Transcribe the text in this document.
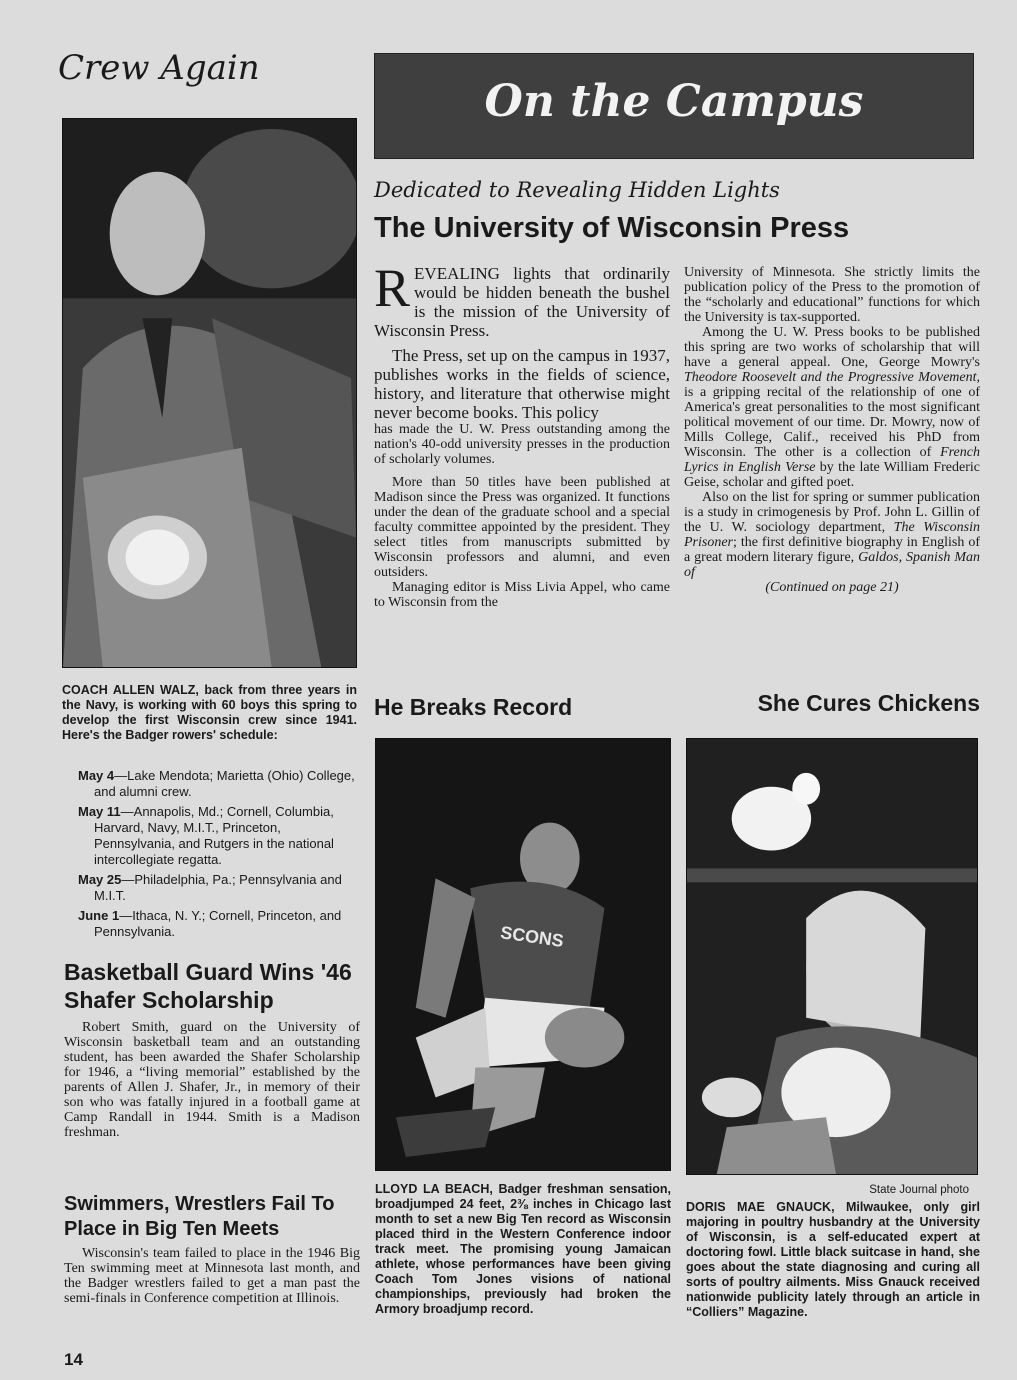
Crew Again
COACH ALLEN WALZ, back from three years in the Navy, is working with 60 boys this spring to develop the first Wisconsin crew since 1941. Here's the Badger rowers' schedule:

May 4—Lake Mendota; Marietta (Ohio) College, and alumni crew.

May 11—Annapolis, Md.; Cornell, Columbia, Harvard, Navy, M.I.T., Princeton, Pennsylvania, and Rutgers in the national intercollegiate regatta.

May 25—Philadelphia, Pa.; Pennsylvania and M.I.T.

June 1—Ithaca, N. Y.; Cornell, Princeton, and Pennsylvania.

Basketball Guard Wins '46 Shafer Scholarship

Robert Smith, guard on the University of Wisconsin basketball team and an outstanding student, has been awarded the Shafer Scholarship for 1946, a “living memorial” established by the parents of Allen J. Shafer, Jr., in memory of their son who was fatally injured in a football game at Camp Randall in 1944. Smith is a Madison freshman.

Swimmers, Wrestlers Fail To Place in Big Ten Meets

Wisconsin's team failed to place in the 1946 Big Ten swimming meet at Minnesota last month, and the Badger wrestlers failed to get a man past the semi-finals in Conference competition at Illinois.

14
On the Campus
Dedicated to Revealing Hidden Lights
The University of Wisconsin Press
R EVEALING lights that ordinarily would be hidden beneath the bushel is the mission of the University of Wisconsin Press.

The Press, set up on the campus in 1937, publishes works in the fields of science, history, and literature that otherwise might never become books. This policy

has made the U. W. Press outstanding among the nation's 40-odd university presses in the production of scholarly volumes.

More than 50 titles have been published at Madison since the Press was organized. It functions under the dean of the graduate school and a special faculty committee appointed by the president. They select titles from manuscripts submitted by Wisconsin professors and alumni, and even outsiders.

Managing editor is Miss Livia Appel, who came to Wisconsin from the

University of Minnesota. She strictly limits the publication policy of the Press to the promotion of the “scholarly and educational” functions for which the University is tax-supported.

Among the U. W. Press books to be published this spring are two works of scholarship that will have a general appeal. One, George Mowry's Theodore Roosevelt and the Progressive Movement, is a gripping recital of the relationship of one of America's great personalities to the most significant political movement of our time. Dr. Mowry, now of Mills College, Calif., received his PhD from Wisconsin. The other is a collection of French Lyrics in English Verse by the late William Frederic Geise, scholar and gifted poet.

Also on the list for spring or summer publication is a study in crimogenesis by Prof. John L. Gillin of the U. W. sociology department, The Wisconsin Prisoner; the first definitive biography in English of a great modern literary figure, Galdos, Spanish Man of

(Continued on page 21)

He Breaks Record
SCONS
LLOYD LA BEACH, Badger freshman sensation, broadjumped 24 feet, 2⅜ inches in Chicago last month to set a new Big Ten record as Wisconsin placed third in the Western Conference indoor track meet. The promising young Jamaican athlete, whose performances have been giving Coach Tom Jones visions of national championships, previously had broken the Armory broadjump record.
She Cures Chickens
State Journal photo
DORIS MAE GNAUCK, Milwaukee, only girl majoring in poultry husbandry at the University of Wisconsin, is a self-educated expert at doctoring fowl. Little black suitcase in hand, she goes about the state diagnosing and curing all sorts of poultry ailments. Miss Gnauck received nationwide publicity lately through an article in “Colliers” Magazine.
